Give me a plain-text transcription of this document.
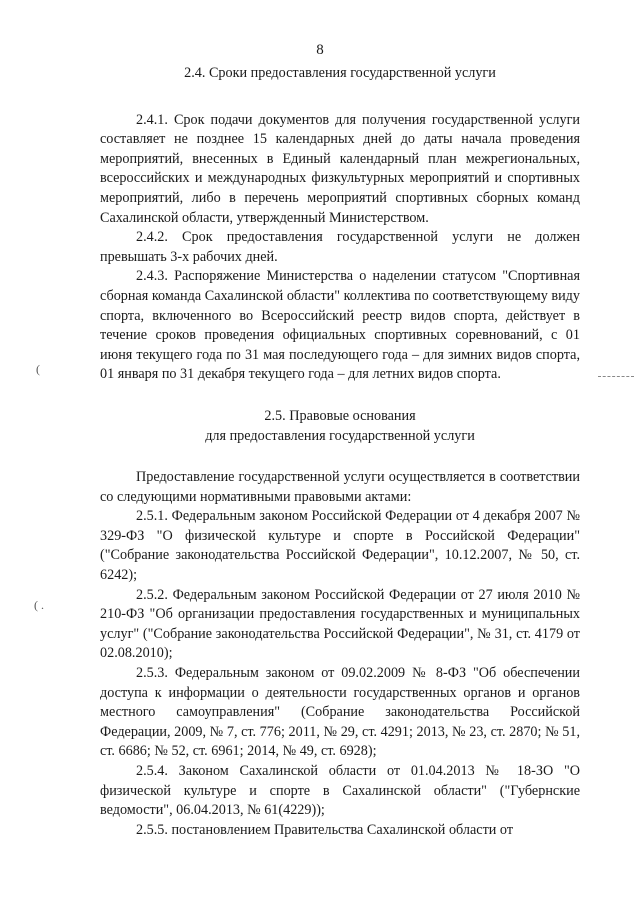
8

2.4. Сроки предоставления государственной услуги

2.4.1. Срок подачи документов для получения государственной услуги составляет не позднее 15 календарных дней до даты начала проведения мероприятий, внесенных в Единый календарный план межрегиональных, всероссийских и международных физкультурных мероприятий и спортивных мероприятий, либо в перечень мероприятий спортивных сборных команд Сахалинской области, утвержденный Министерством.

2.4.2. Срок предоставления государственной услуги не должен превышать 3-х рабочих дней.

2.4.3. Распоряжение Министерства о наделении статусом "Спортивная сборная команда Сахалинской области" коллектива по соответствующему виду спорта, включенного во Всероссийский реестр видов спорта, действует в течение сроков проведения официальных спортивных соревнований, с 01 июня текущего года по 31 мая последующего года – для зимних видов спорта, 01 января по 31 декабря текущего года – для летних видов спорта.

2.5. Правовые основания

для предоставления государственной услуги

Предоставление государственной услуги осуществляется в соответствии со следующими нормативными правовыми актами:

2.5.1. Федеральным законом Российской Федерации от 4 декабря 2007 № 329-ФЗ "О физической культуре и спорте в Российской Федерации" ("Собрание законодательства Российской Федерации", 10.12.2007, № 50, ст. 6242);

2.5.2. Федеральным законом Российской Федерации от 27 июля 2010 № 210-ФЗ "Об организации предоставления государственных и муниципальных услуг" ("Собрание законодательства Российской Федерации", № 31, ст. 4179 от 02.08.2010);

2.5.3. Федеральным законом от 09.02.2009 № 8-ФЗ "Об обеспечении доступа к информации о деятельности государственных органов и органов местного самоуправления" (Собрание законодательства Российской Федерации, 2009, № 7, ст. 776; 2011, № 29, ст. 4291; 2013, № 23, ст. 2870; № 51, ст. 6686; № 52, ст. 6961; 2014, № 49, ст. 6928);

2.5.4. Законом Сахалинской области от 01.04.2013 № 18-ЗО "О физической культуре и спорте в Сахалинской области" ("Губернские ведомости", 06.04.2013, № 61(4229));

2.5.5. постановлением Правительства Сахалинской области от

(
( .
